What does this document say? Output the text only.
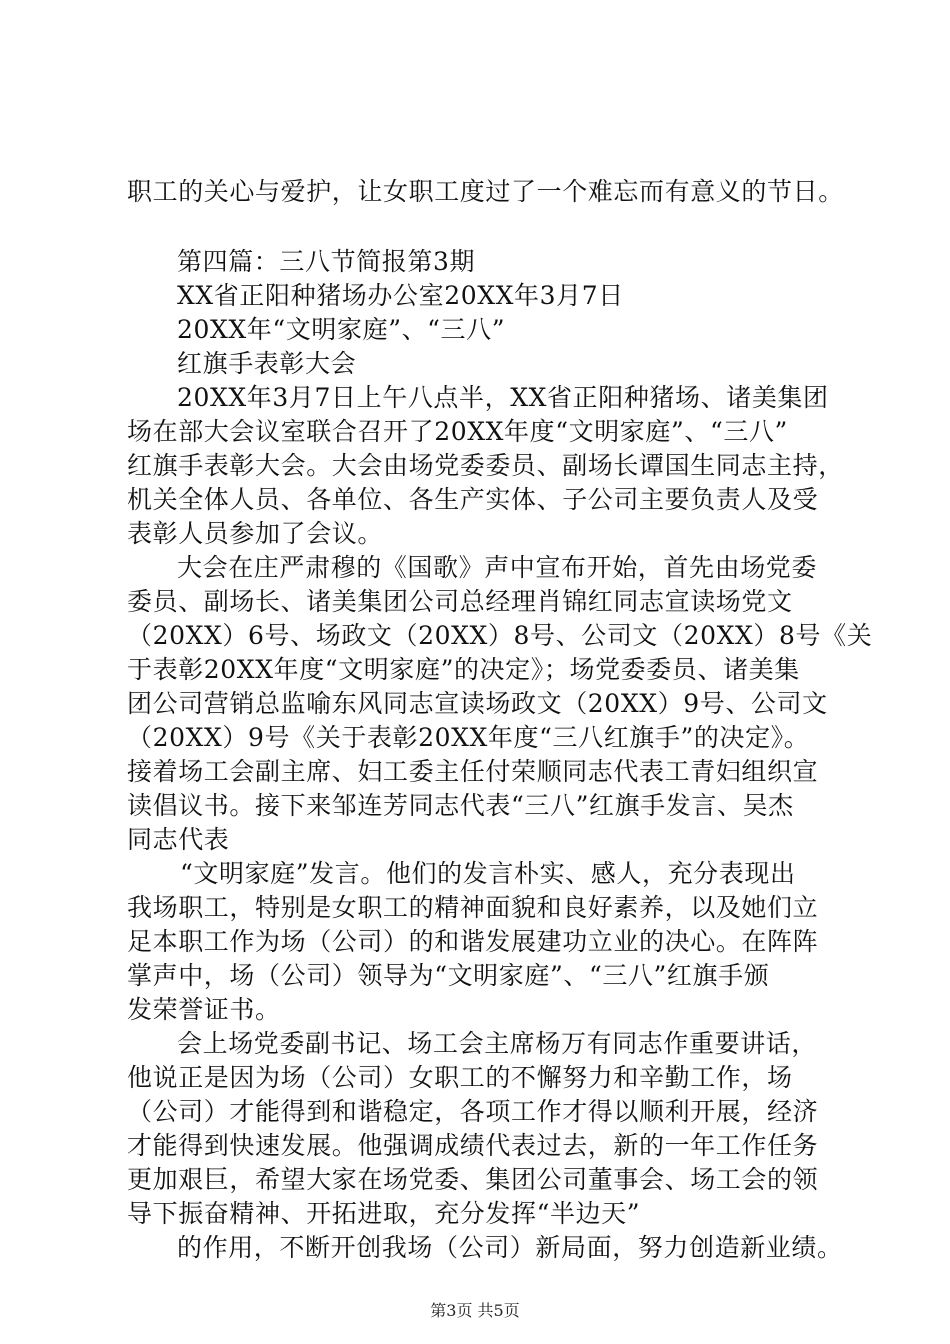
职工的关心与爱护，让女职工度过了一个难忘而有意义的节日。
第四篇：三八节简报第3期
XX省正阳种猪场办公室20XX年3月7日
20XX年“文明家庭”、“三八”
红旗手表彰大会
20XX年3月7日上午八点半，XX省正阳种猪场、诸美集团
场在部大会议室联合召开了20XX年度“文明家庭”、“三八”
红旗手表彰大会。大会由场党委委员、副场长谭国生同志主持，
机关全体人员、各单位、各生产实体、子公司主要负责人及受
表彰人员参加了会议。
大会在庄严肃穆的《国歌》声中宣布开始，首先由场党委
委员、副场长、诸美集团公司总经理肖锦红同志宣读场党文
（20XX）6号、场政文（20XX）8号、公司文（20XX）8号《关
于表彰20XX年度“文明家庭”的决定》；场党委委员、诸美集
团公司营销总监喻东风同志宣读场政文（20XX）9号、公司文
（20XX）9号《关于表彰20XX年度“三八红旗手”的决定》。
接着场工会副主席、妇工委主任付荣顺同志代表工青妇组织宣
读倡议书。接下来邹连芳同志代表“三八”红旗手发言、吴杰
同志代表
“文明家庭”发言。他们的发言朴实、感人，充分表现出
我场职工，特别是女职工的精神面貌和良好素养，以及她们立
足本职工作为场（公司）的和谐发展建功立业的决心。在阵阵
掌声中，场（公司）领导为“文明家庭”、“三八”红旗手颁
发荣誉证书。
会上场党委副书记、场工会主席杨万有同志作重要讲话，
他说正是因为场（公司）女职工的不懈努力和辛勤工作，场
（公司）才能得到和谐稳定，各项工作才得以顺利开展，经济
才能得到快速发展。他强调成绩代表过去，新的一年工作任务
更加艰巨，希望大家在场党委、集团公司董事会、场工会的领
导下振奋精神、开拓进取，充分发挥“半边天”
的作用，不断开创我场（公司）新局面，努力创造新业绩。
第3页 共5页
